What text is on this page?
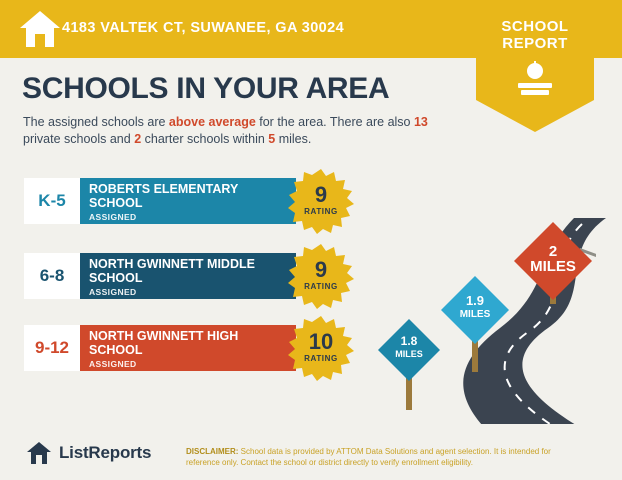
4183 VALTEK CT, SUWANEE, GA 30024	SCHOOL
REPORT
SCHOOLS IN YOUR AREA
The assigned schools are above average for the area. There are also 13 private schools and 2 charter schools within 5 miles.
K-5
ROBERTS ELEMENTARY SCHOOL
ASSIGNED
9
RATING
6-8
NORTH GWINNETT MIDDLE SCHOOL
ASSIGNED
9
RATING
9-12
NORTH GWINNETT HIGH SCHOOL
ASSIGNED
10
RATING
2
MILES
1.9
MILES
1.8
MILES
ListReports	DISCLAIMER: School data is provided by ATTOM Data Solutions and agent selection. It is intended for reference only. Contact the school or district directly to verify enrollment eligibility.
